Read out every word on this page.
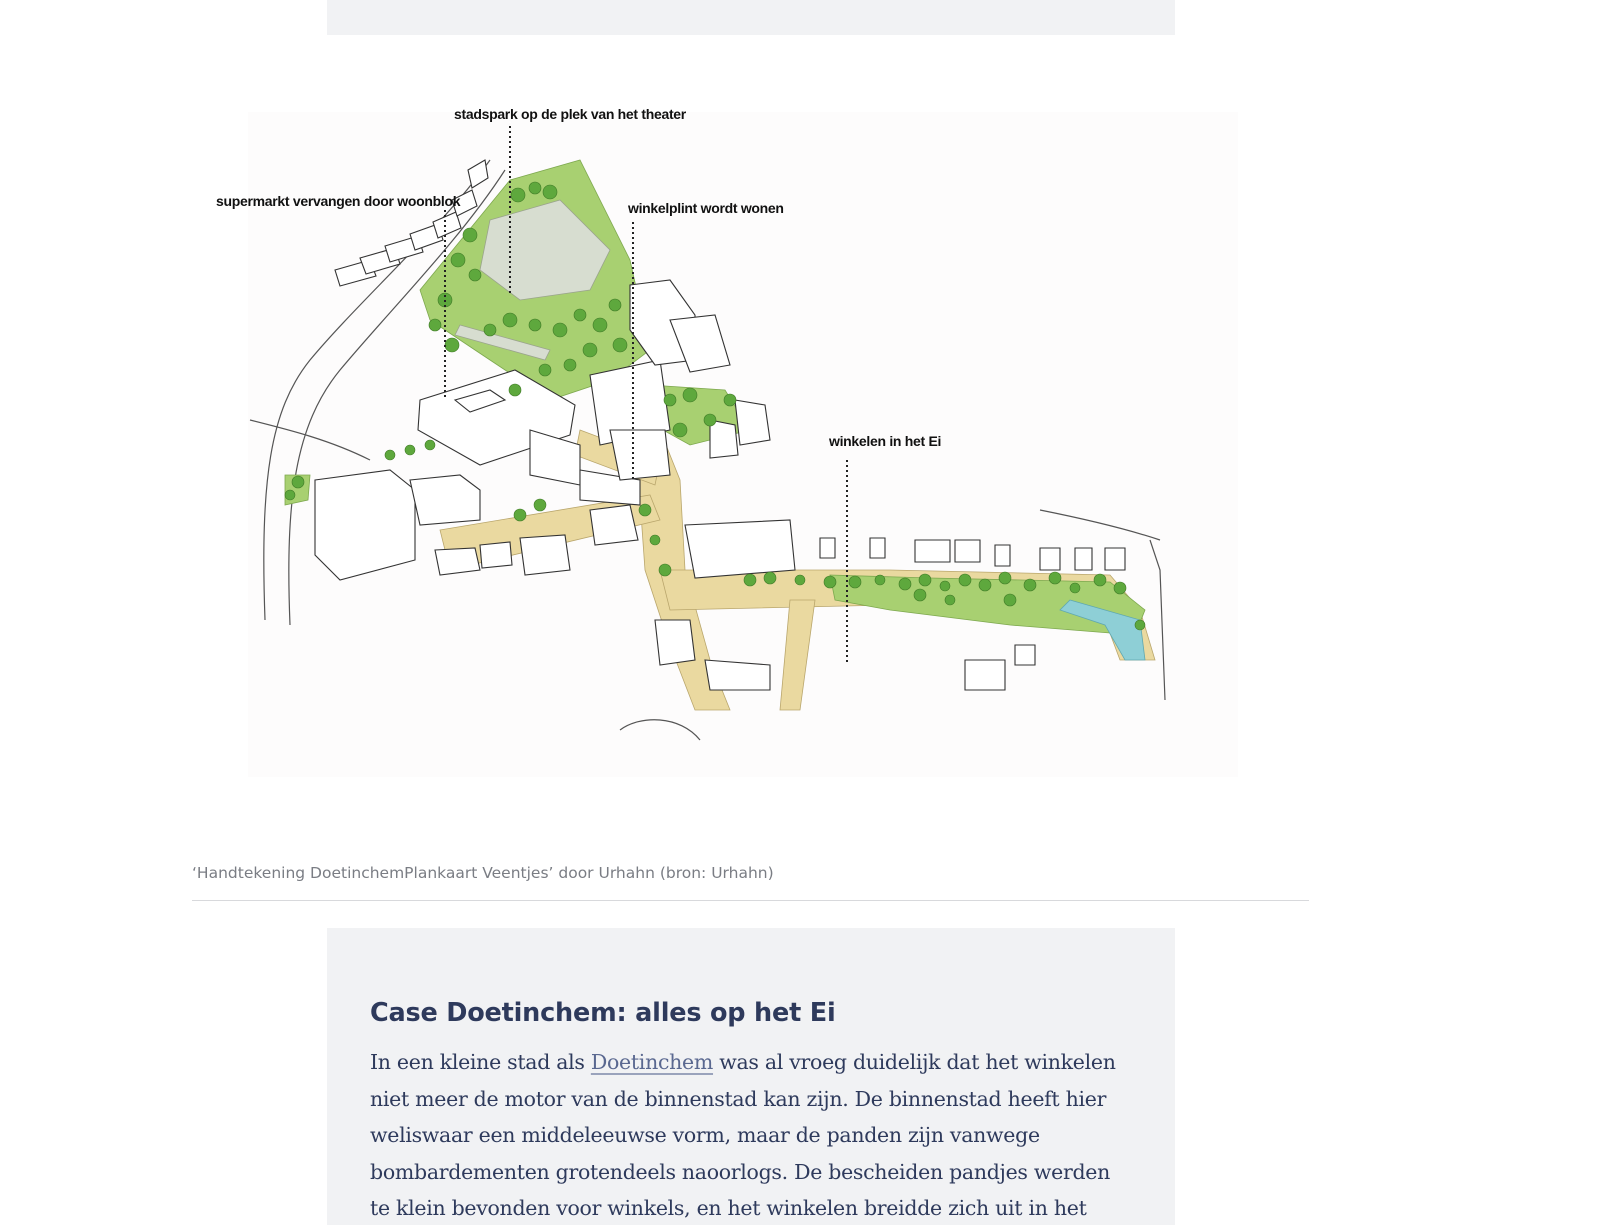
stadspark op de plek van het theater
supermarkt vervangen door woonblok	winkelplint wordt wonen
winkelen in het Ei
‘Handtekening DoetinchemPlankaart Veentjes’ door Urhahn (bron: Urhahn)
Case Doetinchem: alles op het Ei

In een kleine stad als Doetinchem was al vroeg duidelijk dat het winkelen
niet meer de motor van de binnenstad kan zijn. De binnenstad heeft hier
weliswaar een middeleeuwse vorm, maar de panden zijn vanwege
bombardementen grotendeels naoorlogs. De bescheiden pandjes werden
te klein bevonden voor winkels, en het winkelen breidde zich uit in het
